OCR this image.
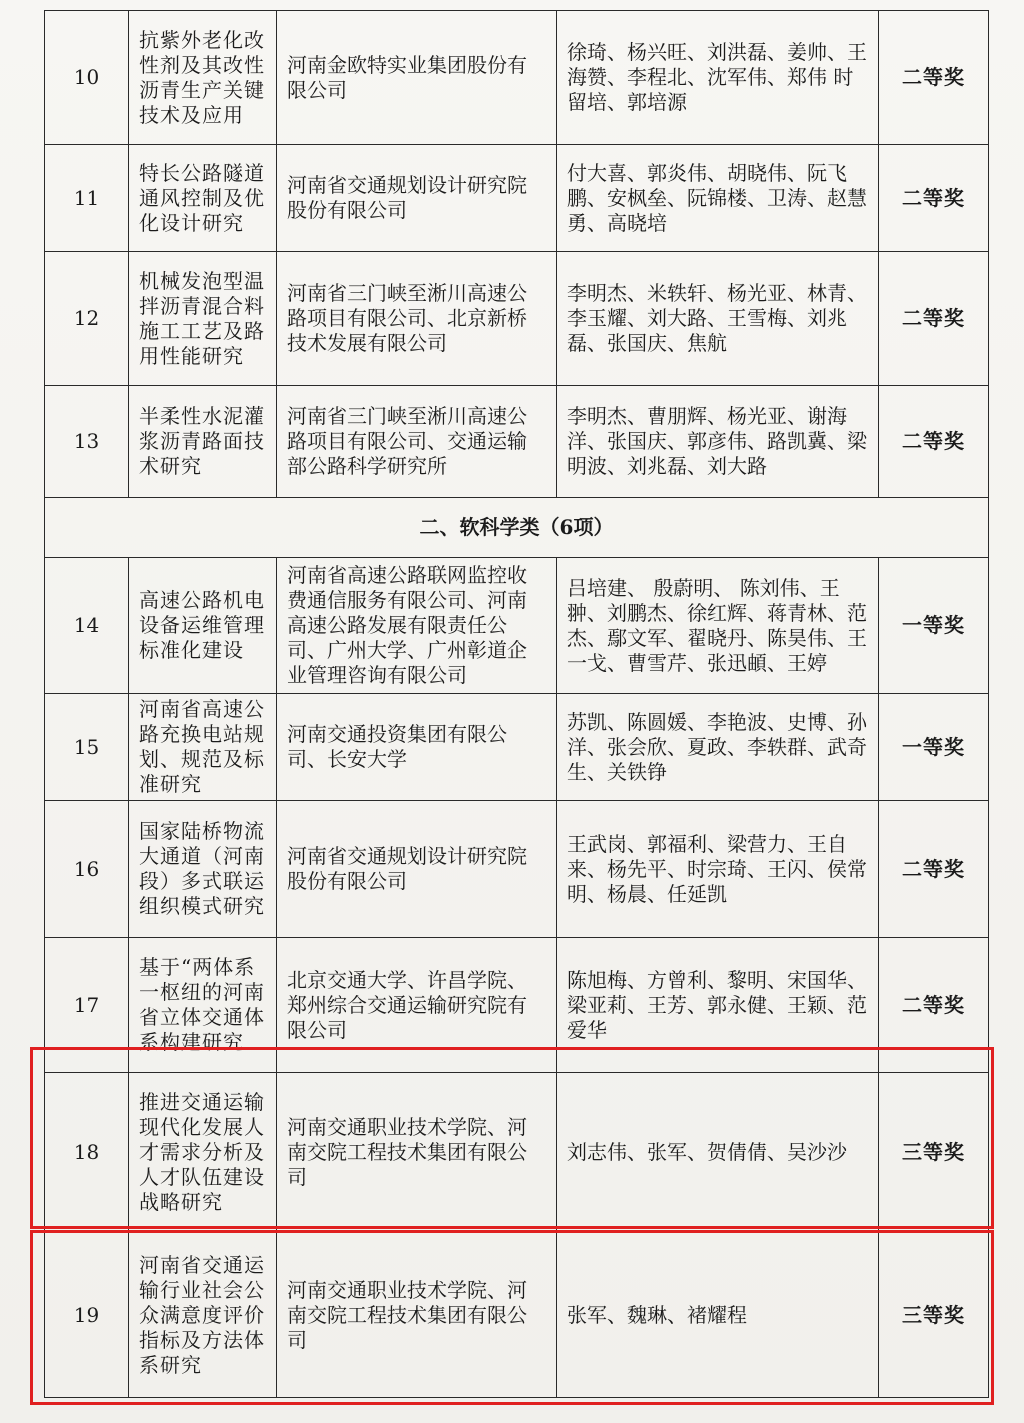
10	抗紫外老化改性剂及其改性沥青生产关键技术及应用	河南金欧特实业集团股份有限公司	徐琦、杨兴旺、刘洪磊、姜帅、王海赞、李程北、沈军伟、郑伟 时留培、郭培源	二等奖
11	特长公路隧道通风控制及优化设计研究	河南省交通规划设计研究院股份有限公司	付大喜、郭炎伟、胡晓伟、阮飞鹏、安枫垒、阮锦楼、卫涛、赵慧勇、高晓培	二等奖
12	机械发泡型温拌沥青混合料施工工艺及路用性能研究	河南省三门峡至淅川高速公路项目有限公司、北京新桥技术发展有限公司	李明杰、米轶轩、杨光亚、林青、李玉耀、刘大路、王雪梅、刘兆磊、张国庆、焦航	二等奖
13	半柔性水泥灌浆沥青路面技术研究	河南省三门峡至淅川高速公路项目有限公司、交通运输部公路科学研究所	李明杰、曹朋辉、杨光亚、谢海洋、张国庆、郭彦伟、路凯冀、梁明波、刘兆磊、刘大路	二等奖
二、软科学类（6项）				
14	高速公路机电设备运维管理标准化建设	河南省高速公路联网监控收费通信服务有限公司、河南高速公路发展有限责任公司、广州大学、广州彰道企业管理咨询有限公司	吕培建、 殷蔚明、 陈刘伟、王翀、刘鹏杰、徐红辉、蒋青林、范杰、鄢文军、翟晓丹、陈昊伟、王一戈、曹雪芹、张迅頔、王婷	一等奖
15	河南省高速公路充换电站规划、规范及标准研究	河南交通投资集团有限公司、长安大学	苏凯、陈圆媛、李艳波、史博、孙洋、张会欣、夏政、李轶群、武奇生、关铁铮	一等奖
16	国家陆桥物流大通道（河南段）多式联运组织模式研究	河南省交通规划设计研究院股份有限公司	王武岗、郭福利、梁营力、王自来、杨先平、时宗琦、王闪、侯常明、杨晨、任延凯	二等奖
17	基于“两体系一枢纽的河南省立体交通体系构建研究	北京交通大学、许昌学院、郑州综合交通运输研究院有限公司	陈旭梅、方曾利、黎明、宋国华、梁亚莉、王芳、郭永健、王颖、范爱华	二等奖
18	推进交通运输现代化发展人才需求分析及人才队伍建设战略研究	河南交通职业技术学院、河南交院工程技术集团有限公司	刘志伟、张军、贺倩倩、吴沙沙	三等奖
19	河南省交通运输行业社会公众满意度评价指标及方法体系研究	河南交通职业技术学院、河南交院工程技术集团有限公司	张军、魏琳、褚耀程	三等奖
